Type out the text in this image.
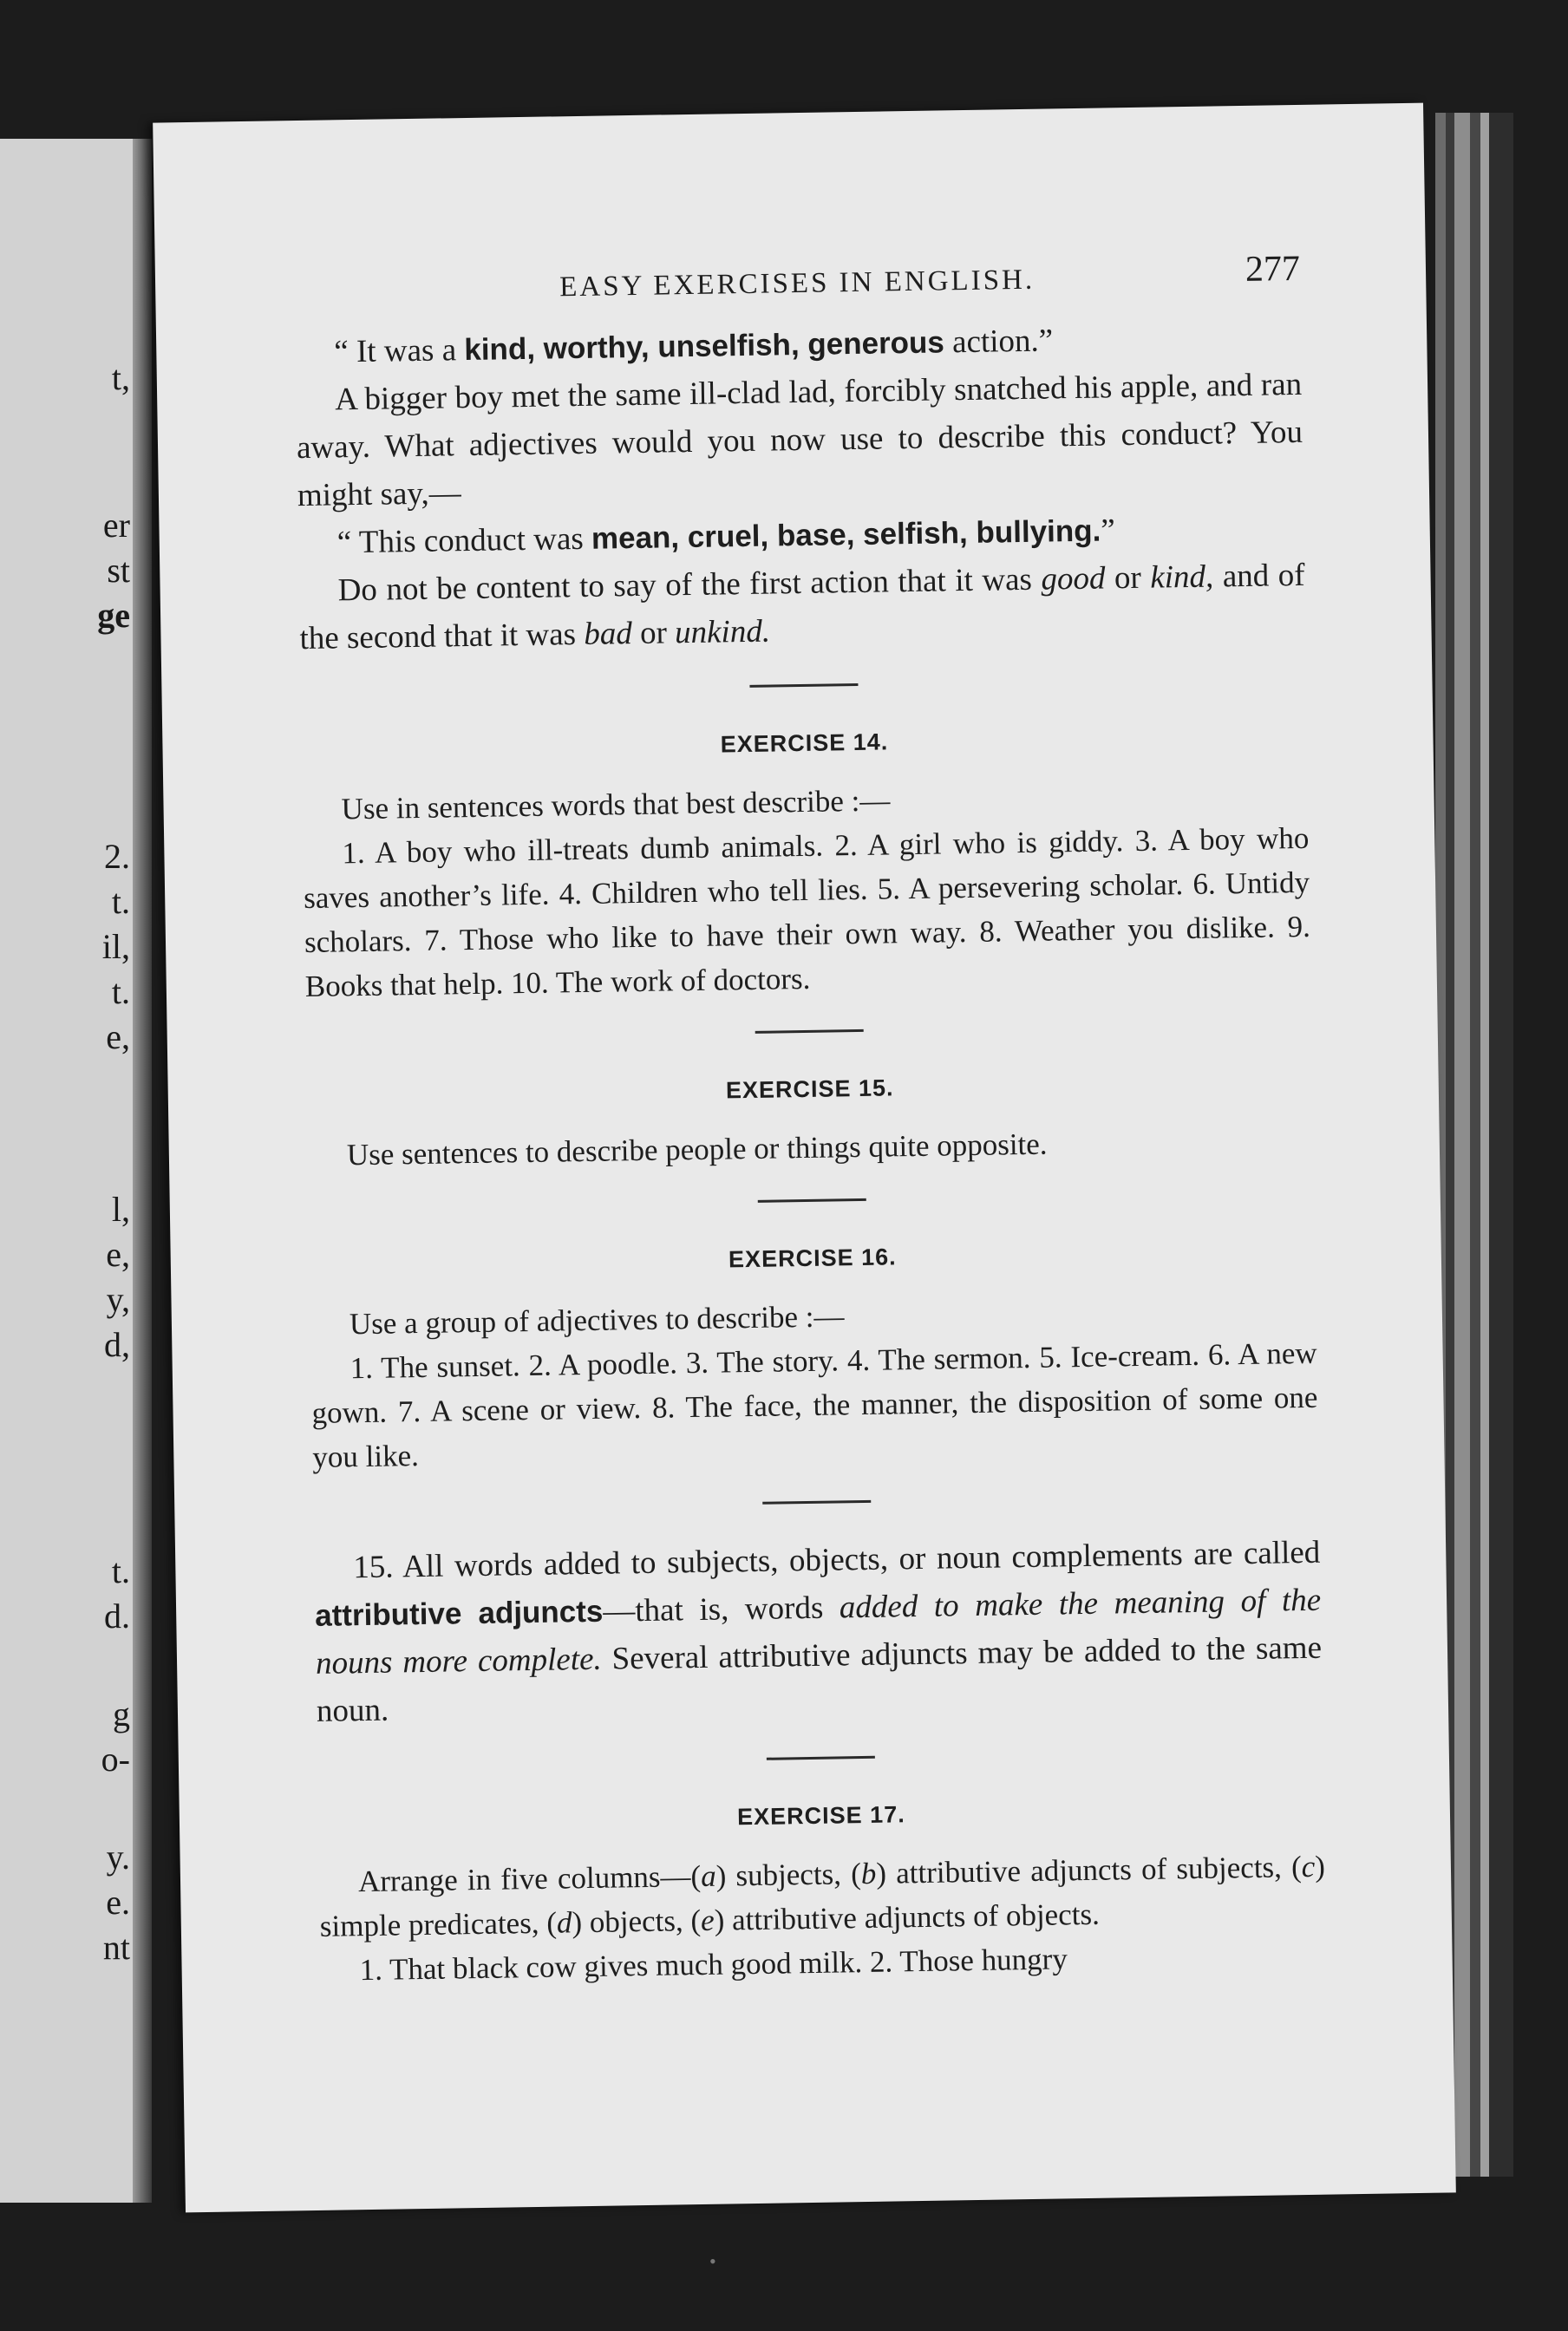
t,
er
st
ge
2.
t.
il,
t.
e,
l,
e,
y,
d,
t.
d.
g
o-
y.
e.
nt
EASY EXERCISES IN ENGLISH.	277

“ It was a kind, worthy, unselfish, generous action.”

A bigger boy met the same ill-clad lad, forcibly snatched his apple, and ran away. What adjectives would you now use to describe this conduct? You might say,—

“ This conduct was mean, cruel, base, selfish, bullying.”

Do not be content to say of the first action that it was good or kind, and of the second that it was bad or unkind.

EXERCISE 14.

Use in sentences words that best describe :—

1. A boy who ill-treats dumb animals. 2. A girl who is giddy. 3. A boy who saves another’s life. 4. Children who tell lies. 5. A persevering scholar. 6. Untidy scholars. 7. Those who like to have their own way. 8. Weather you dislike. 9. Books that help. 10. The work of doctors.

EXERCISE 15.

Use sentences to describe people or things quite opposite.

EXERCISE 16.

Use a group of adjectives to describe :—

1. The sunset. 2. A poodle. 3. The story. 4. The sermon. 5. Ice-cream. 6. A new gown. 7. A scene or view. 8. The face, the manner, the disposition of some one you like.

15. All words added to subjects, objects, or noun complements are called attributive adjuncts—that is, words added to make the meaning of the nouns more complete. Several attributive adjuncts may be added to the same noun.

EXERCISE 17.

Arrange in five columns—(a) subjects, (b) attributive adjuncts of subjects, (c) simple predicates, (d) objects, (e) attributive adjuncts of objects.

1. That black cow gives much good milk. 2. Those hungry

•
